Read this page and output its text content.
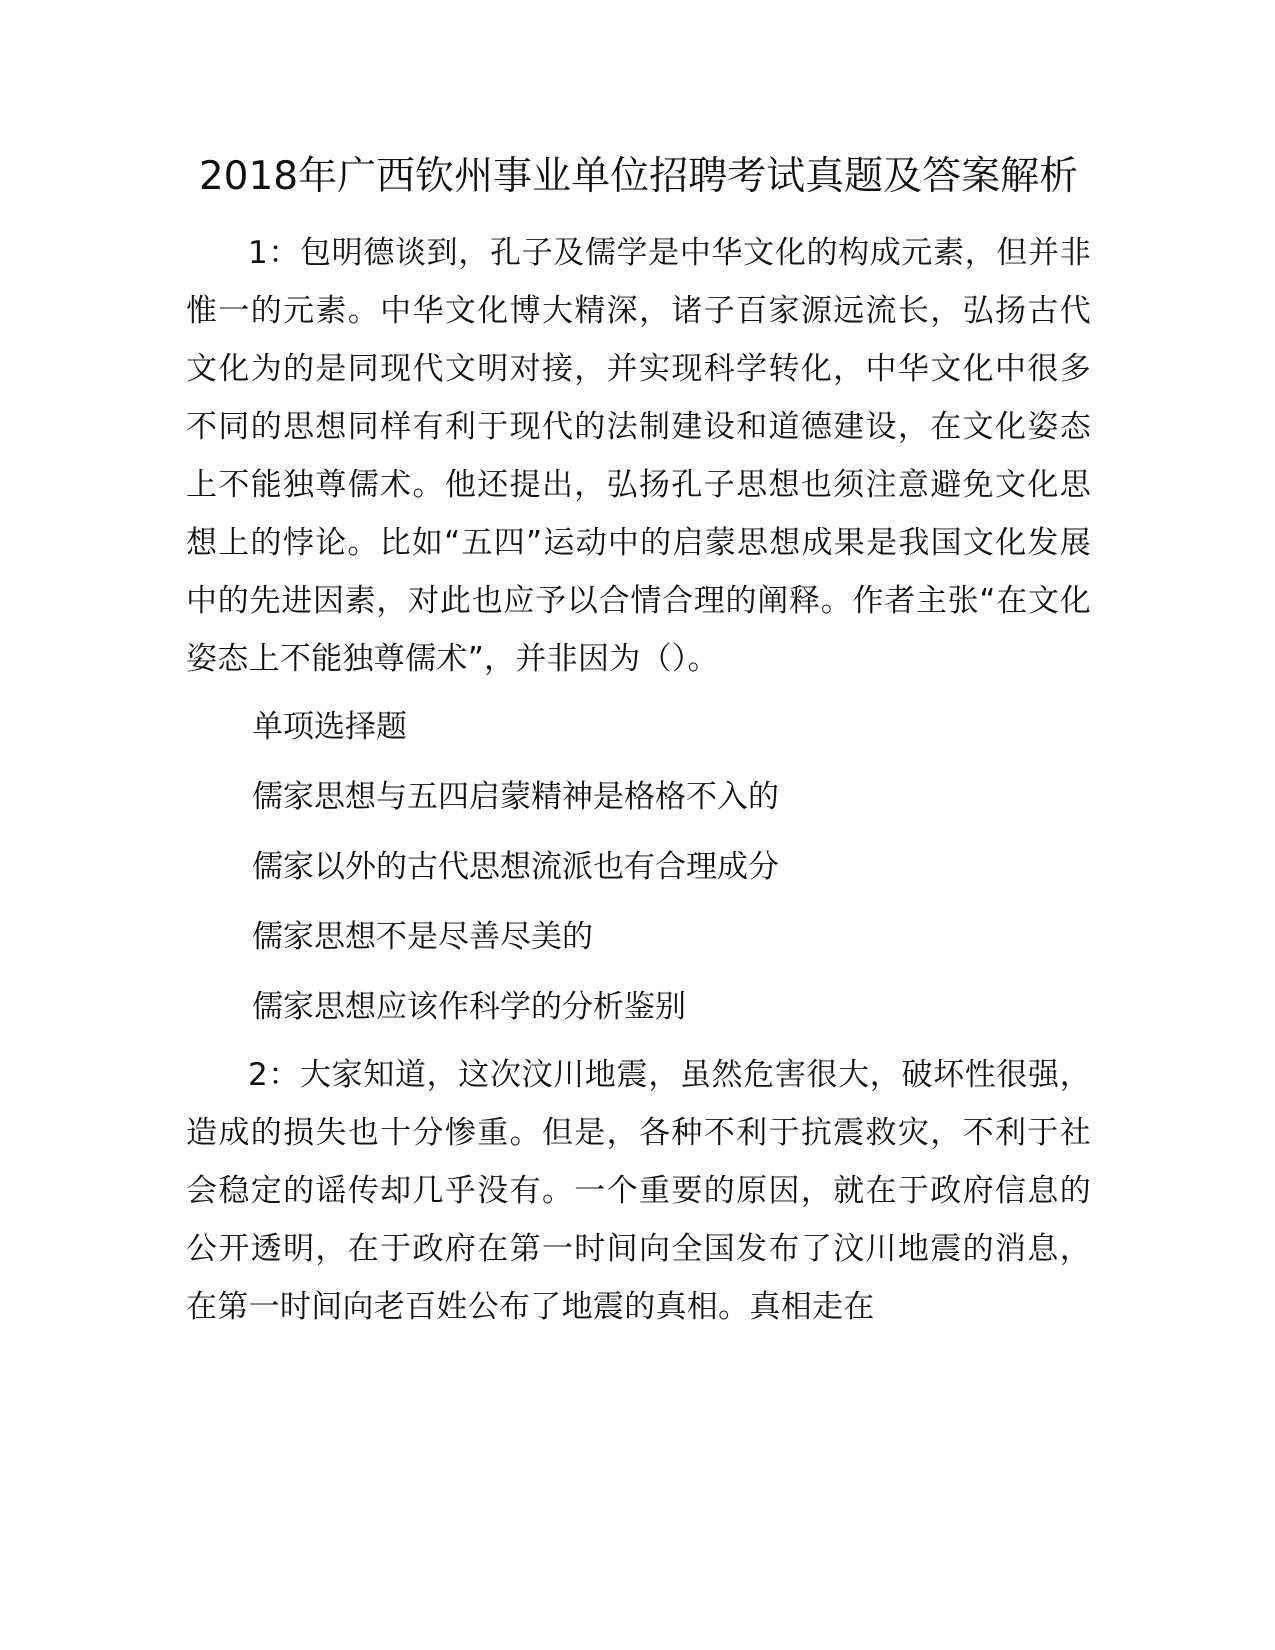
2018年广西钦州事业单位招聘考试真题及答案解析

1：包明德谈到，孔子及儒学是中华文化的构成元素，但并非惟一的元素。中华文化博大精深，诸子百家源远流长，弘扬古代文化为的是同现代文明对接，并实现科学转化，中华文化中很多不同的思想同样有利于现代的法制建设和道德建设，在文化姿态上不能独尊儒术。他还提出，弘扬孔子思想也须注意避免文化思想上的悖论。比如“五四”运动中的启蒙思想成果是我国文化发展中的先进因素，对此也应予以合情合理的阐释。作者主张“在文化姿态上不能独尊儒术”，并非因为（）。

单项选择题
儒家思想与五四启蒙精神是格格不入的
儒家以外的古代思想流派也有合理成分
儒家思想不是尽善尽美的
儒家思想应该作科学的分析鉴别

2：大家知道，这次汶川地震，虽然危害很大，破坏性很强，造成的损失也十分惨重。但是，各种不利于抗震救灾，不利于社会稳定的谣传却几乎没有。一个重要的原因，就在于政府信息的公开透明，在于政府在第一时间向全国发布了汶川地震的消息，在第一时间向老百姓公布了地震的真相。真相走在
